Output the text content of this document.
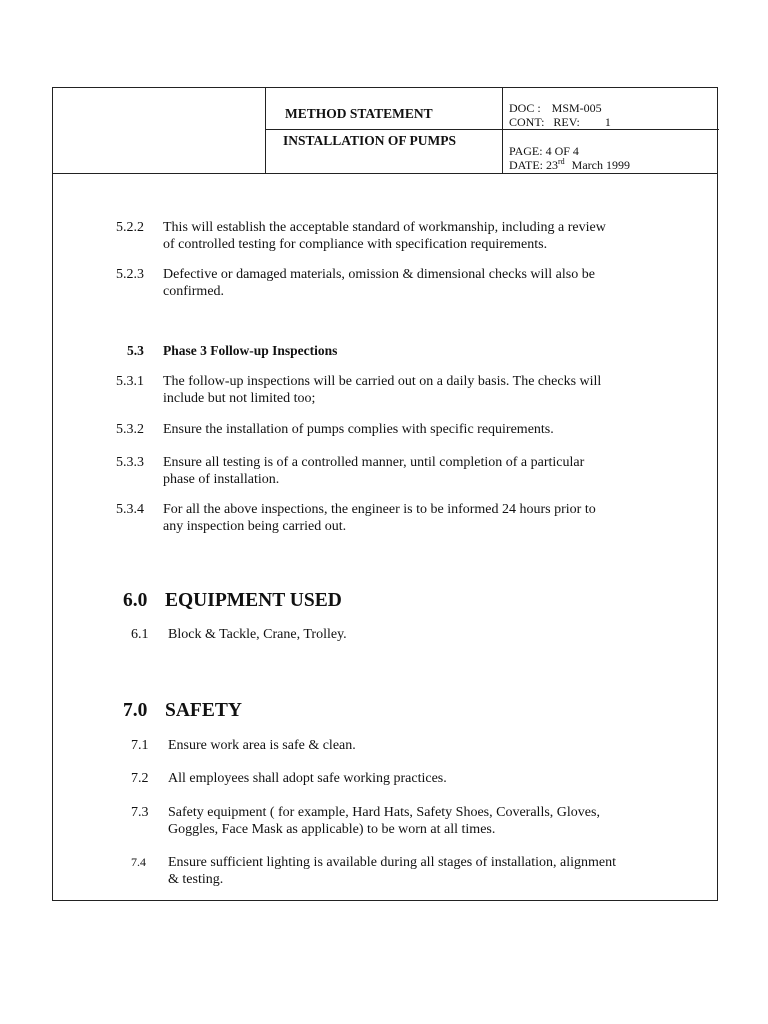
METHOD STATEMENT
INSTALLATION OF PUMPS
DOC : MSM-005
CONT: REV: 1
PAGE: 4 OF 4
DATE: 23rd March 1999
5.2.2 This will establish the acceptable standard of workmanship, including a review
of controlled testing for compliance with specification requirements.
5.2.3 Defective or damaged materials, omission & dimensional checks will also be
confirmed.
5.3 Phase 3 Follow-up Inspections
5.3.1 The follow-up inspections will be carried out on a daily basis. The checks will
include but not limited too;
5.3.2 Ensure the installation of pumps complies with specific requirements.
5.3.3 Ensure all testing is of a controlled manner, until completion of a particular
phase of installation.
5.3.4 For all the above inspections, the engineer is to be informed 24 hours prior to
any inspection being carried out.
6.0 EQUIPMENT USED
6.1 Block & Tackle, Crane, Trolley.
7.0 SAFETY
7.1 Ensure work area is safe & clean.
7.2 All employees shall adopt safe working practices.
7.3 Safety equipment ( for example, Hard Hats, Safety Shoes, Coveralls, Gloves,
Goggles, Face Mask as applicable) to be worn at all times.
7.4 Ensure sufficient lighting is available during all stages of installation, alignment
& testing.
